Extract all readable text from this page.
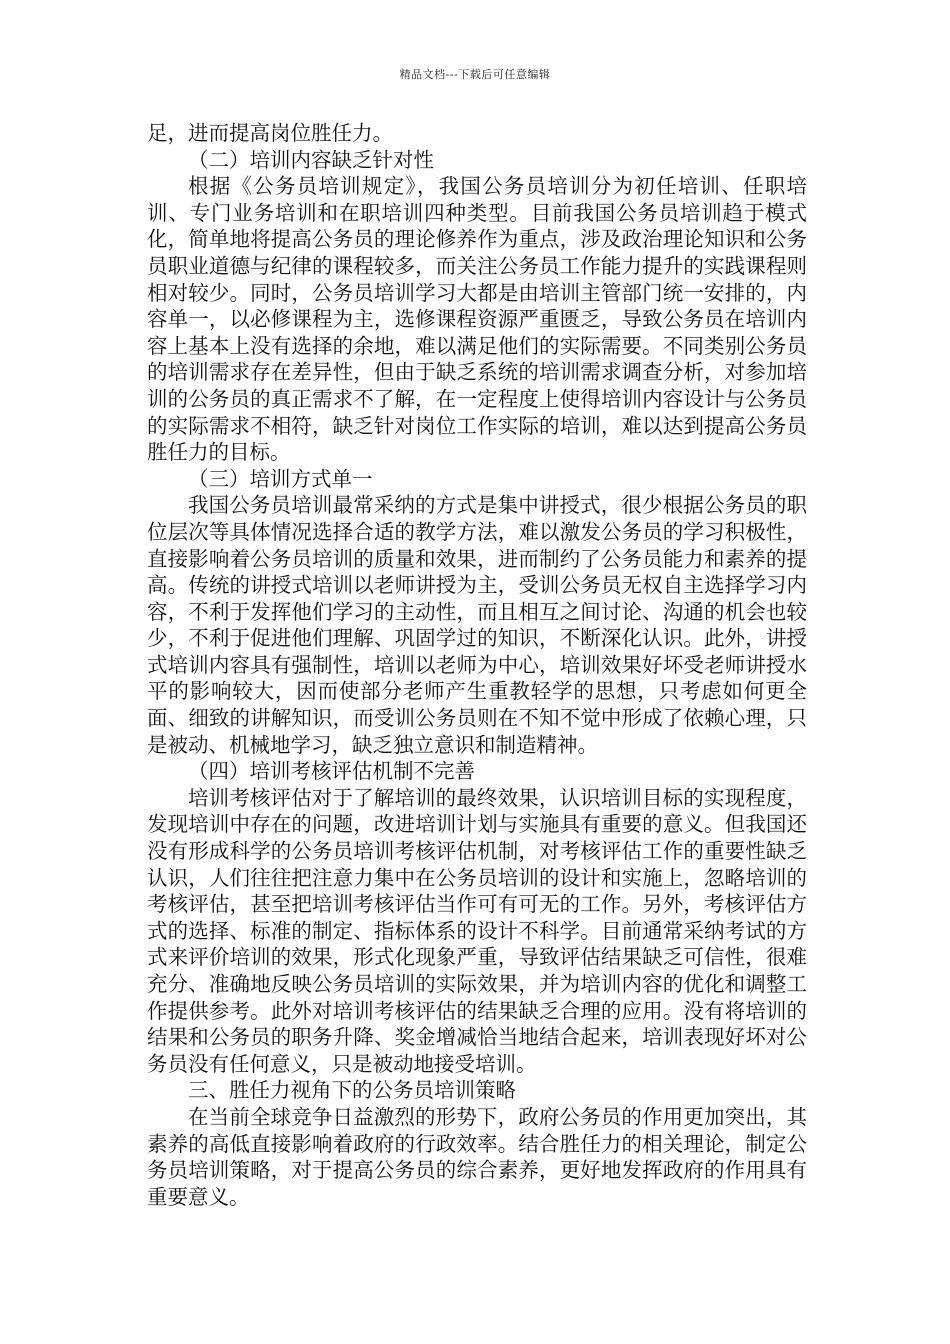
精品文档---下载后可任意编辑

足，进而提高岗位胜任力。

（二）培训内容缺乏针对性

根据《公务员培训规定》，我国公务员培训分为初任培训、任职培训、专门业务培训和在职培训四种类型。目前我国公务员培训趋于模式化，简单地将提高公务员的理论修养作为重点，涉及政治理论知识和公务员职业道德与纪律的课程较多，而关注公务员工作能力提升的实践课程则相对较少。同时，公务员培训学习大都是由培训主管部门统一安排的，内容单一，以必修课程为主，选修课程资源严重匮乏，导致公务员在培训内容上基本上没有选择的余地，难以满足他们的实际需要。不同类别公务员的培训需求存在差异性，但由于缺乏系统的培训需求调查分析，对参加培训的公务员的真正需求不了解，在一定程度上使得培训内容设计与公务员的实际需求不相符，缺乏针对岗位工作实际的培训，难以达到提高公务员胜任力的目标。

（三）培训方式单一

我国公务员培训最常采纳的方式是集中讲授式，很少根据公务员的职位层次等具体情况选择合适的教学方法，难以激发公务员的学习积极性，直接影响着公务员培训的质量和效果，进而制约了公务员能力和素养的提高。传统的讲授式培训以老师讲授为主，受训公务员无权自主选择学习内容，不利于发挥他们学习的主动性，而且相互之间讨论、沟通的机会也较少，不利于促进他们理解、巩固学过的知识，不断深化认识。此外，讲授式培训内容具有强制性，培训以老师为中心，培训效果好坏受老师讲授水平的影响较大，因而使部分老师产生重教轻学的思想，只考虑如何更全面、细致的讲解知识，而受训公务员则在不知不觉中形成了依赖心理，只是被动、机械地学习，缺乏独立意识和制造精神。

（四）培训考核评估机制不完善

培训考核评估对于了解培训的最终效果，认识培训目标的实现程度，发现培训中存在的问题，改进培训计划与实施具有重要的意义。但我国还没有形成科学的公务员培训考核评估机制，对考核评估工作的重要性缺乏认识，人们往往把注意力集中在公务员培训的设计和实施上，忽略培训的考核评估，甚至把培训考核评估当作可有可无的工作。另外，考核评估方式的选择、标准的制定、指标体系的设计不科学。目前通常采纳考试的方式来评价培训的效果，形式化现象严重，导致评估结果缺乏可信性，很难充分、准确地反映公务员培训的实际效果，并为培训内容的优化和调整工作提供参考。此外对培训考核评估的结果缺乏合理的应用。没有将培训的结果和公务员的职务升降、奖金增减恰当地结合起来，培训表现好坏对公务员没有任何意义，只是被动地接受培训。

三、胜任力视角下的公务员培训策略

在当前全球竞争日益激烈的形势下，政府公务员的作用更加突出，其素养的高低直接影响着政府的行政效率。结合胜任力的相关理论，制定公务员培训策略，对于提高公务员的综合素养，更好地发挥政府的作用具有重要意义。
